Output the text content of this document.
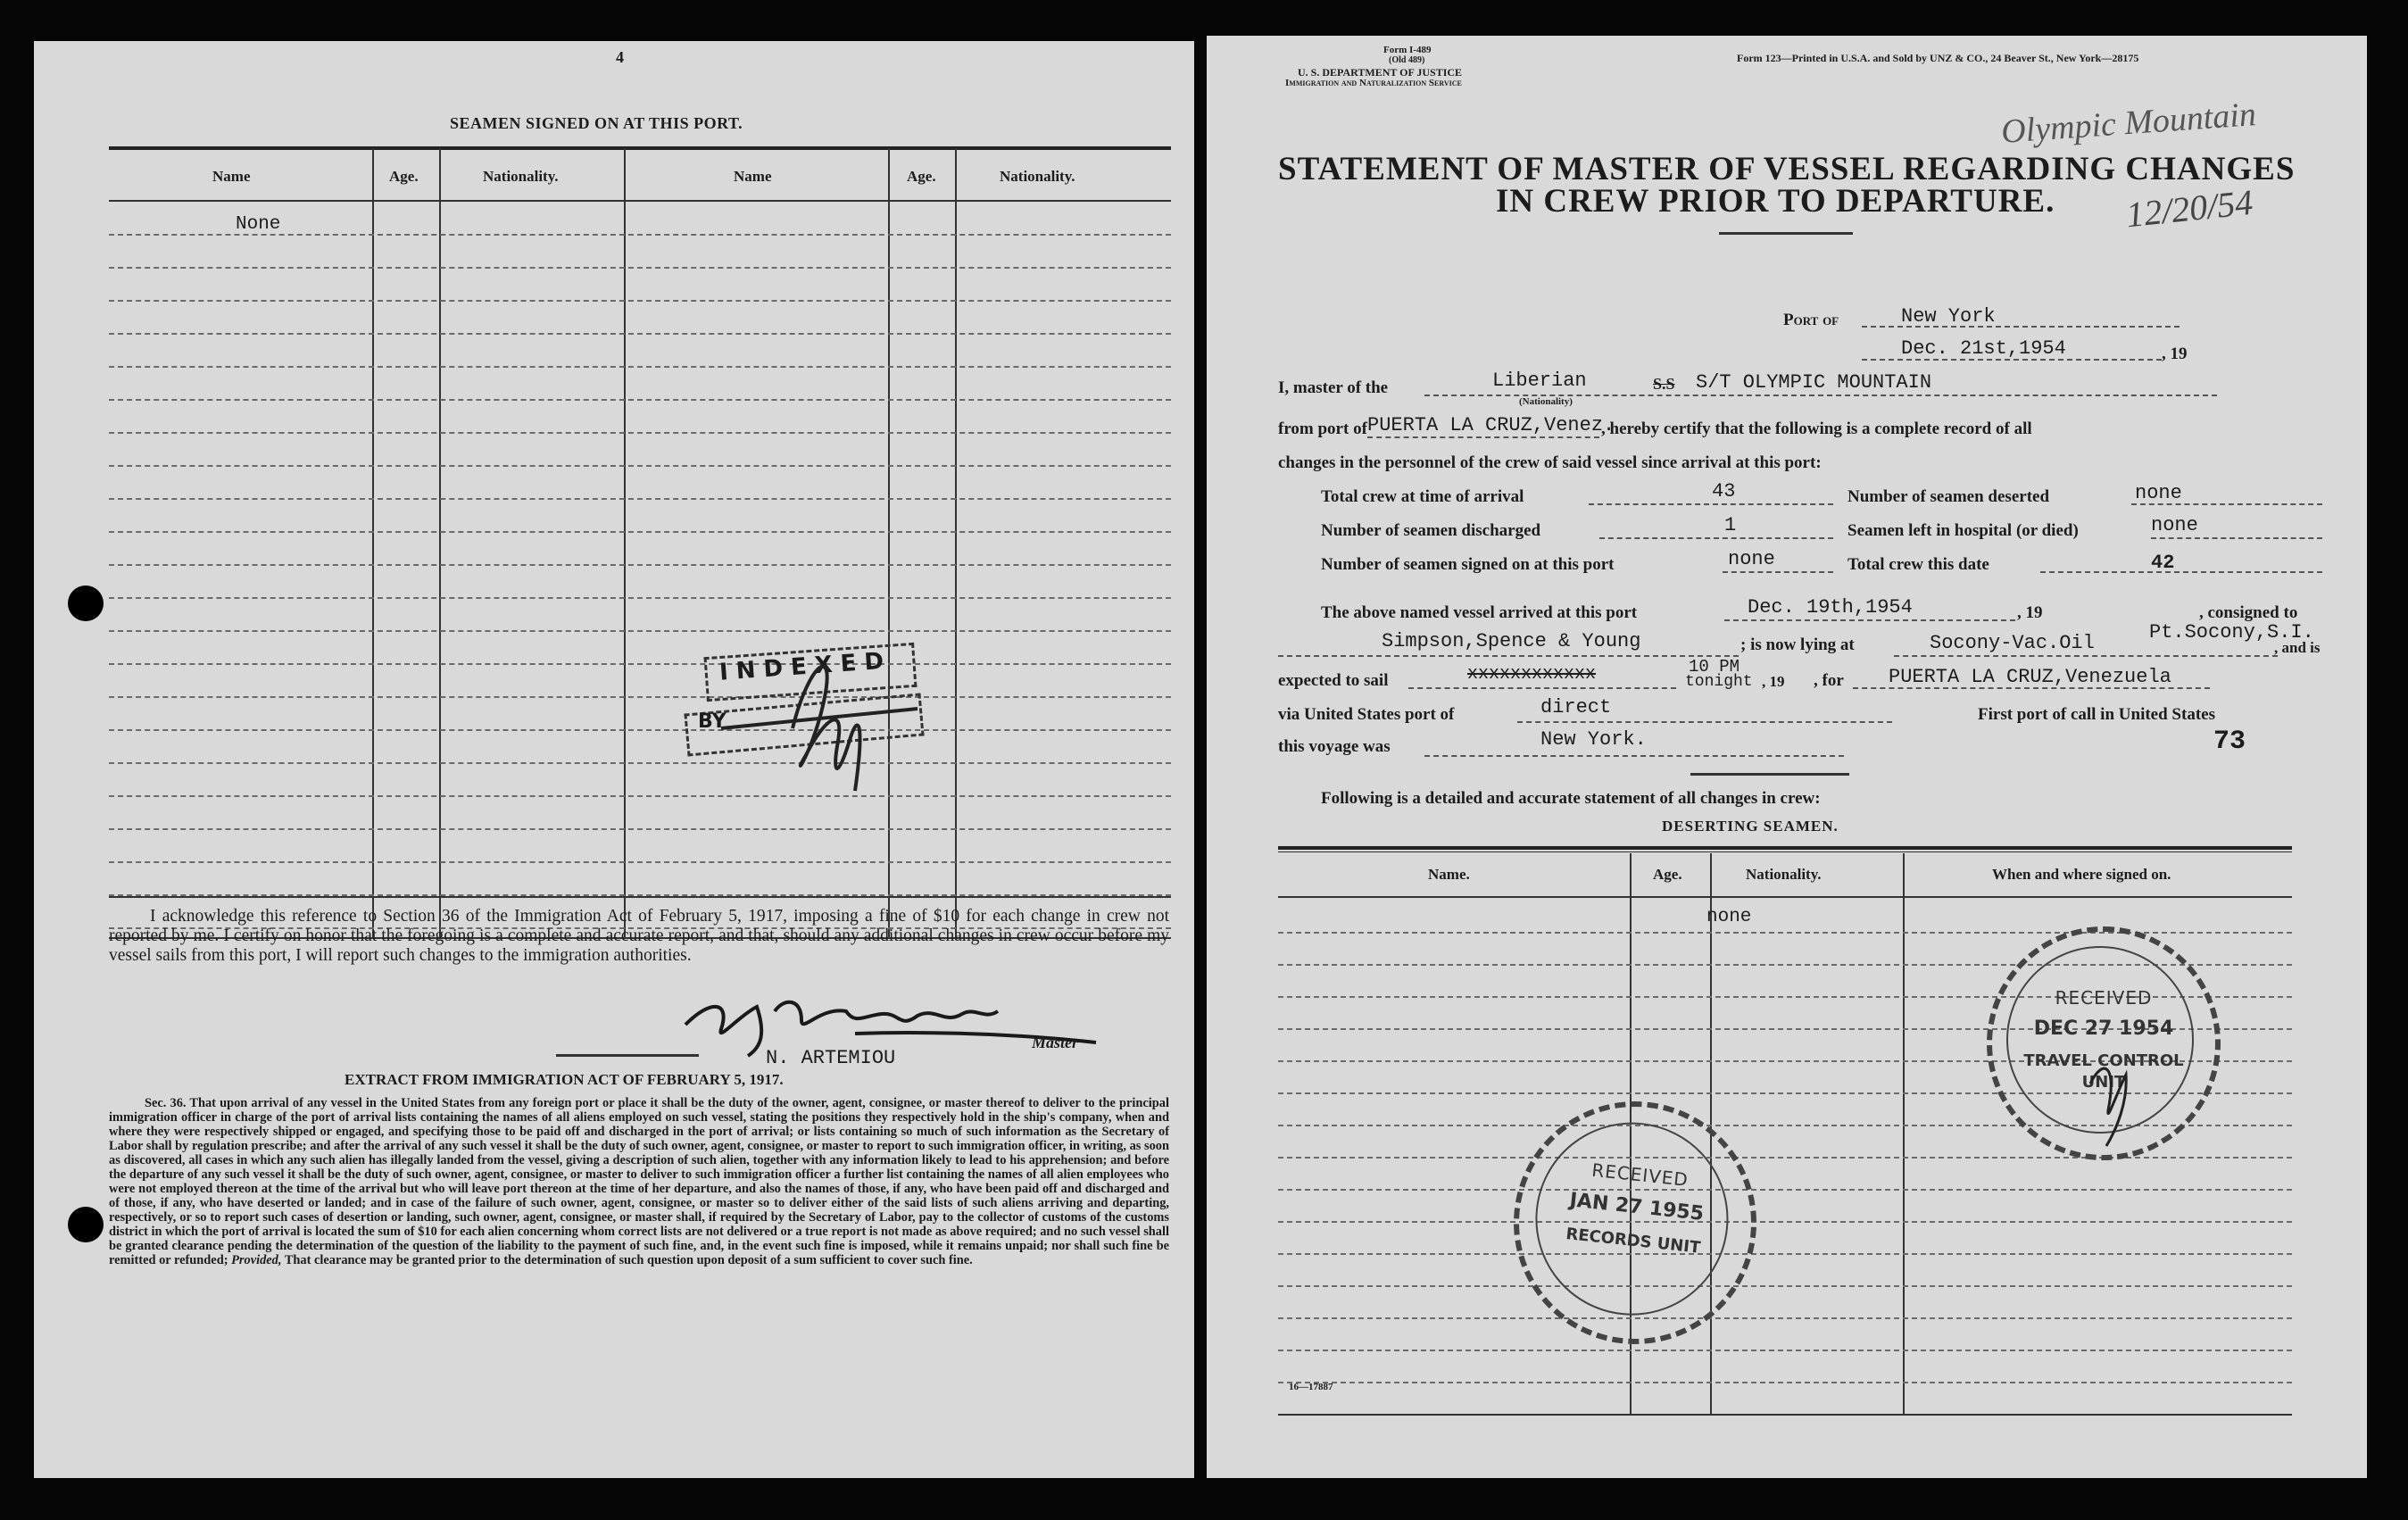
4
SEAMEN SIGNED ON AT THIS PORT.
Name	Age.	Nationality.	Name	Age.	Nationality.
None
INDEXED
BY
I acknowledge this reference to Section 36 of the Immigration Act of February 5, 1917, imposing a fine of $10 for each change in crew not reported by me. I certify on honor that the foregoing is a complete and accurate report, and that, should any additional changes in crew occur before my vessel sails from this port, I will report such changes to the immigration authorities.
N. ARTEMIOU
Master
EXTRACT FROM IMMIGRATION ACT OF FEBRUARY 5, 1917.
Sec. 36. That upon arrival of any vessel in the United States from any foreign port or place it shall be the duty of the owner, agent, consignee, or master thereof to deliver to the principal immigration officer in charge of the port of arrival lists containing the names of all aliens employed on such vessel, stating the positions they respectively hold in the ship's company, when and where they were respectively shipped or engaged, and specifying those to be paid off and discharged in the port of arrival; or lists containing so much of such information as the Secretary of Labor shall by regulation prescribe; and after the arrival of any such vessel it shall be the duty of such owner, agent, consignee, or master to report to such immigration officer, in writing, as soon as discovered, all cases in which any such alien has illegally landed from the vessel, giving a description of such alien, together with any information likely to lead to his apprehension; and before the departure of any such vessel it shall be the duty of such owner, agent, consignee, or master to deliver to such immigration officer a further list containing the names of all alien employees who were not employed thereon at the time of the arrival but who will leave port thereon at the time of her departure, and also the names of those, if any, who have been paid off and discharged and of those, if any, who have deserted or landed; and in case of the failure of such owner, agent, consignee, or master so to deliver either of the said lists of such aliens arriving and departing, respectively, or so to report such cases of desertion or landing, such owner, agent, consignee, or master shall, if required by the Secretary of Labor, pay to the collector of customs of the customs district in which the port of arrival is located the sum of $10 for each alien concerning whom correct lists are not delivered or a true report is not made as above required; and no such vessel shall be granted clearance pending the determination of the question of the liability to the payment of such fine, and, in the event such fine is imposed, while it remains unpaid; nor shall such fine be remitted or refunded; Provided, That clearance may be granted prior to the determination of such question upon deposit of a sum sufficient to cover such fine.
Form I-489
(Old 489)
U. S. DEPARTMENT OF JUSTICE
Immigration and Naturalization Service
Form 123—Printed in U.S.A. and Sold by UNZ & CO., 24 Beaver St., New York—28175
Olympic Mountain
12/20/54
STATEMENT OF MASTER OF VESSEL REGARDING CHANGES
IN CREW PRIOR TO DEPARTURE.
Port of	New York
Dec. 21st,1954	, 19
I, master of the	Liberian
(Nationality)
S.S S/T OLYMPIC MOUNTAIN
from port of PUERTA LA CRUZ,Venez.
, hereby certify that the following is a complete record of all
changes in the personnel of the crew of said vessel since arrival at this port:
Total crew at time of arrival	43	Number of seamen deserted	none
Number of seamen discharged	1	Seamen left in hospital (or died)	none
Number of seamen signed on at this port	none	Total crew this date	42
The above named vessel arrived at this port	Dec. 19th,1954	, 19	, consigned to
Simpson,Spence & Young	; is now lying at	Socony-Vac.Oil	Pt.Socony,S.I.
, and is
expected to sail	xxxxxxxxxxxx	10 PM
tonight , 19 , for PUERTA LA CRUZ,Venezuela
via United States port of	direct	First port of call in United States
this voyage was	New York.	73
Following is a detailed and accurate statement of all changes in crew:
DESERTING SEAMEN.
Name.	Age.	Nationality.	When and where signed on.
none
RECEIVED
DEC 27 1954
TRAVEL CONTROL
UNIT
RECEIVED
JAN 27 1955
RECORDS UNIT
16—17887
